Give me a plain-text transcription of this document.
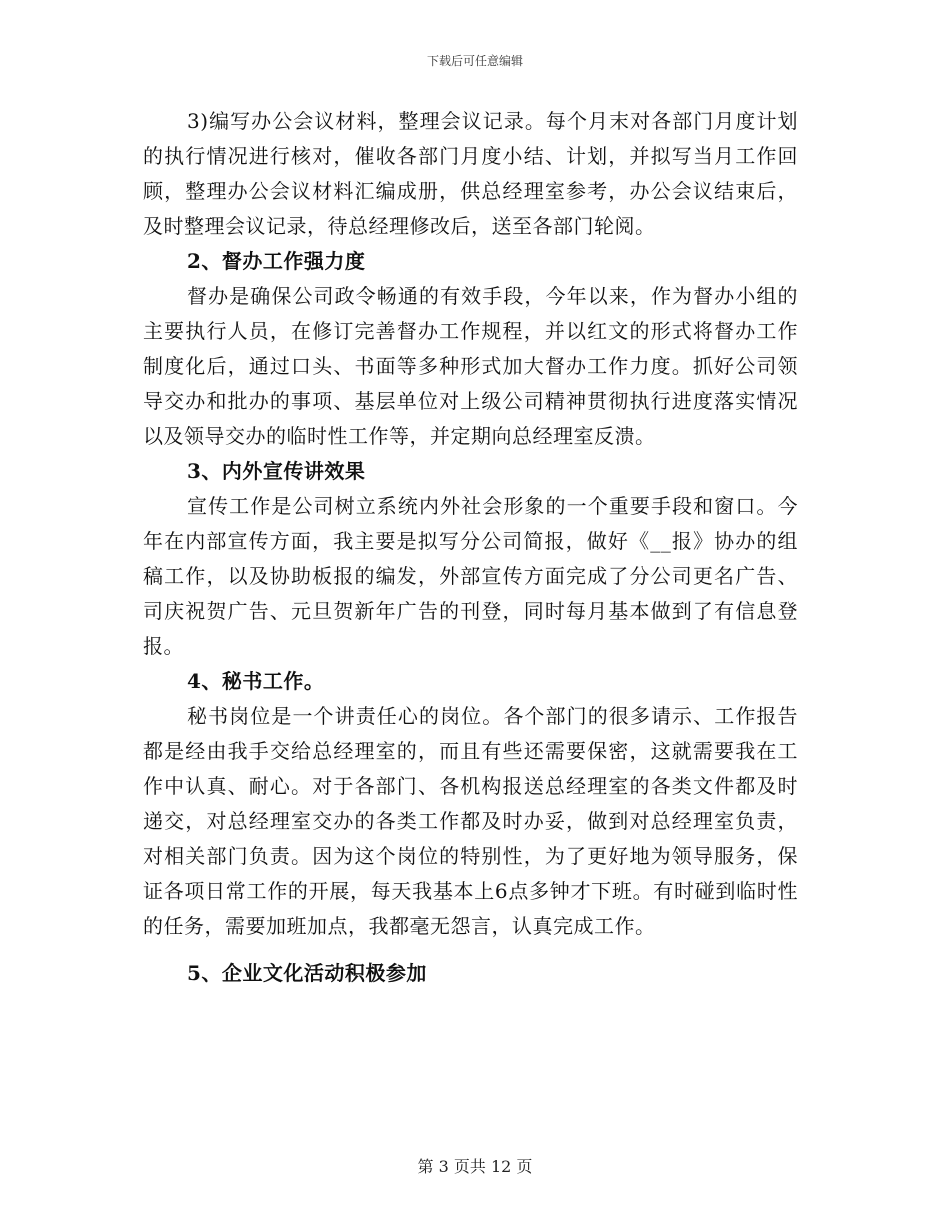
下载后可任意编辑

3)编写办公会议材料，整理会议记录。每个月末对各部门月度计划的执行情况进行核对，催收各部门月度小结、计划，并拟写当月工作回顾，整理办公会议材料汇编成册，供总经理室参考，办公会议结束后，及时整理会议记录，待总经理修改后，送至各部门轮阅。

2、督办工作强力度

督办是确保公司政令畅通的有效手段，今年以来，作为督办小组的主要执行人员，在修订完善督办工作规程，并以红文的形式将督办工作制度化后，通过口头、书面等多种形式加大督办工作力度。抓好公司领导交办和批办的事项、基层单位对上级公司精神贯彻执行进度落实情况以及领导交办的临时性工作等，并定期向总经理室反溃。

3、内外宣传讲效果

宣传工作是公司树立系统内外社会形象的一个重要手段和窗口。今年在内部宣传方面，我主要是拟写分公司简报，做好《__报》协办的组稿工作，以及协助板报的编发，外部宣传方面完成了分公司更名广告、司庆祝贺广告、元旦贺新年广告的刊登，同时每月基本做到了有信息登报。

4、秘书工作。

秘书岗位是一个讲责任心的岗位。各个部门的很多请示、工作报告都是经由我手交给总经理室的，而且有些还需要保密，这就需要我在工作中认真、耐心。对于各部门、各机构报送总经理室的各类文件都及时递交，对总经理室交办的各类工作都及时办妥，做到对总经理室负责，对相关部门负责。因为这个岗位的特别性，为了更好地为领导服务，保证各项日常工作的开展，每天我基本上6点多钟才下班。有时碰到临时性的任务，需要加班加点，我都毫无怨言，认真完成工作。

5、企业文化活动积极参加

第 3 页共 12 页
